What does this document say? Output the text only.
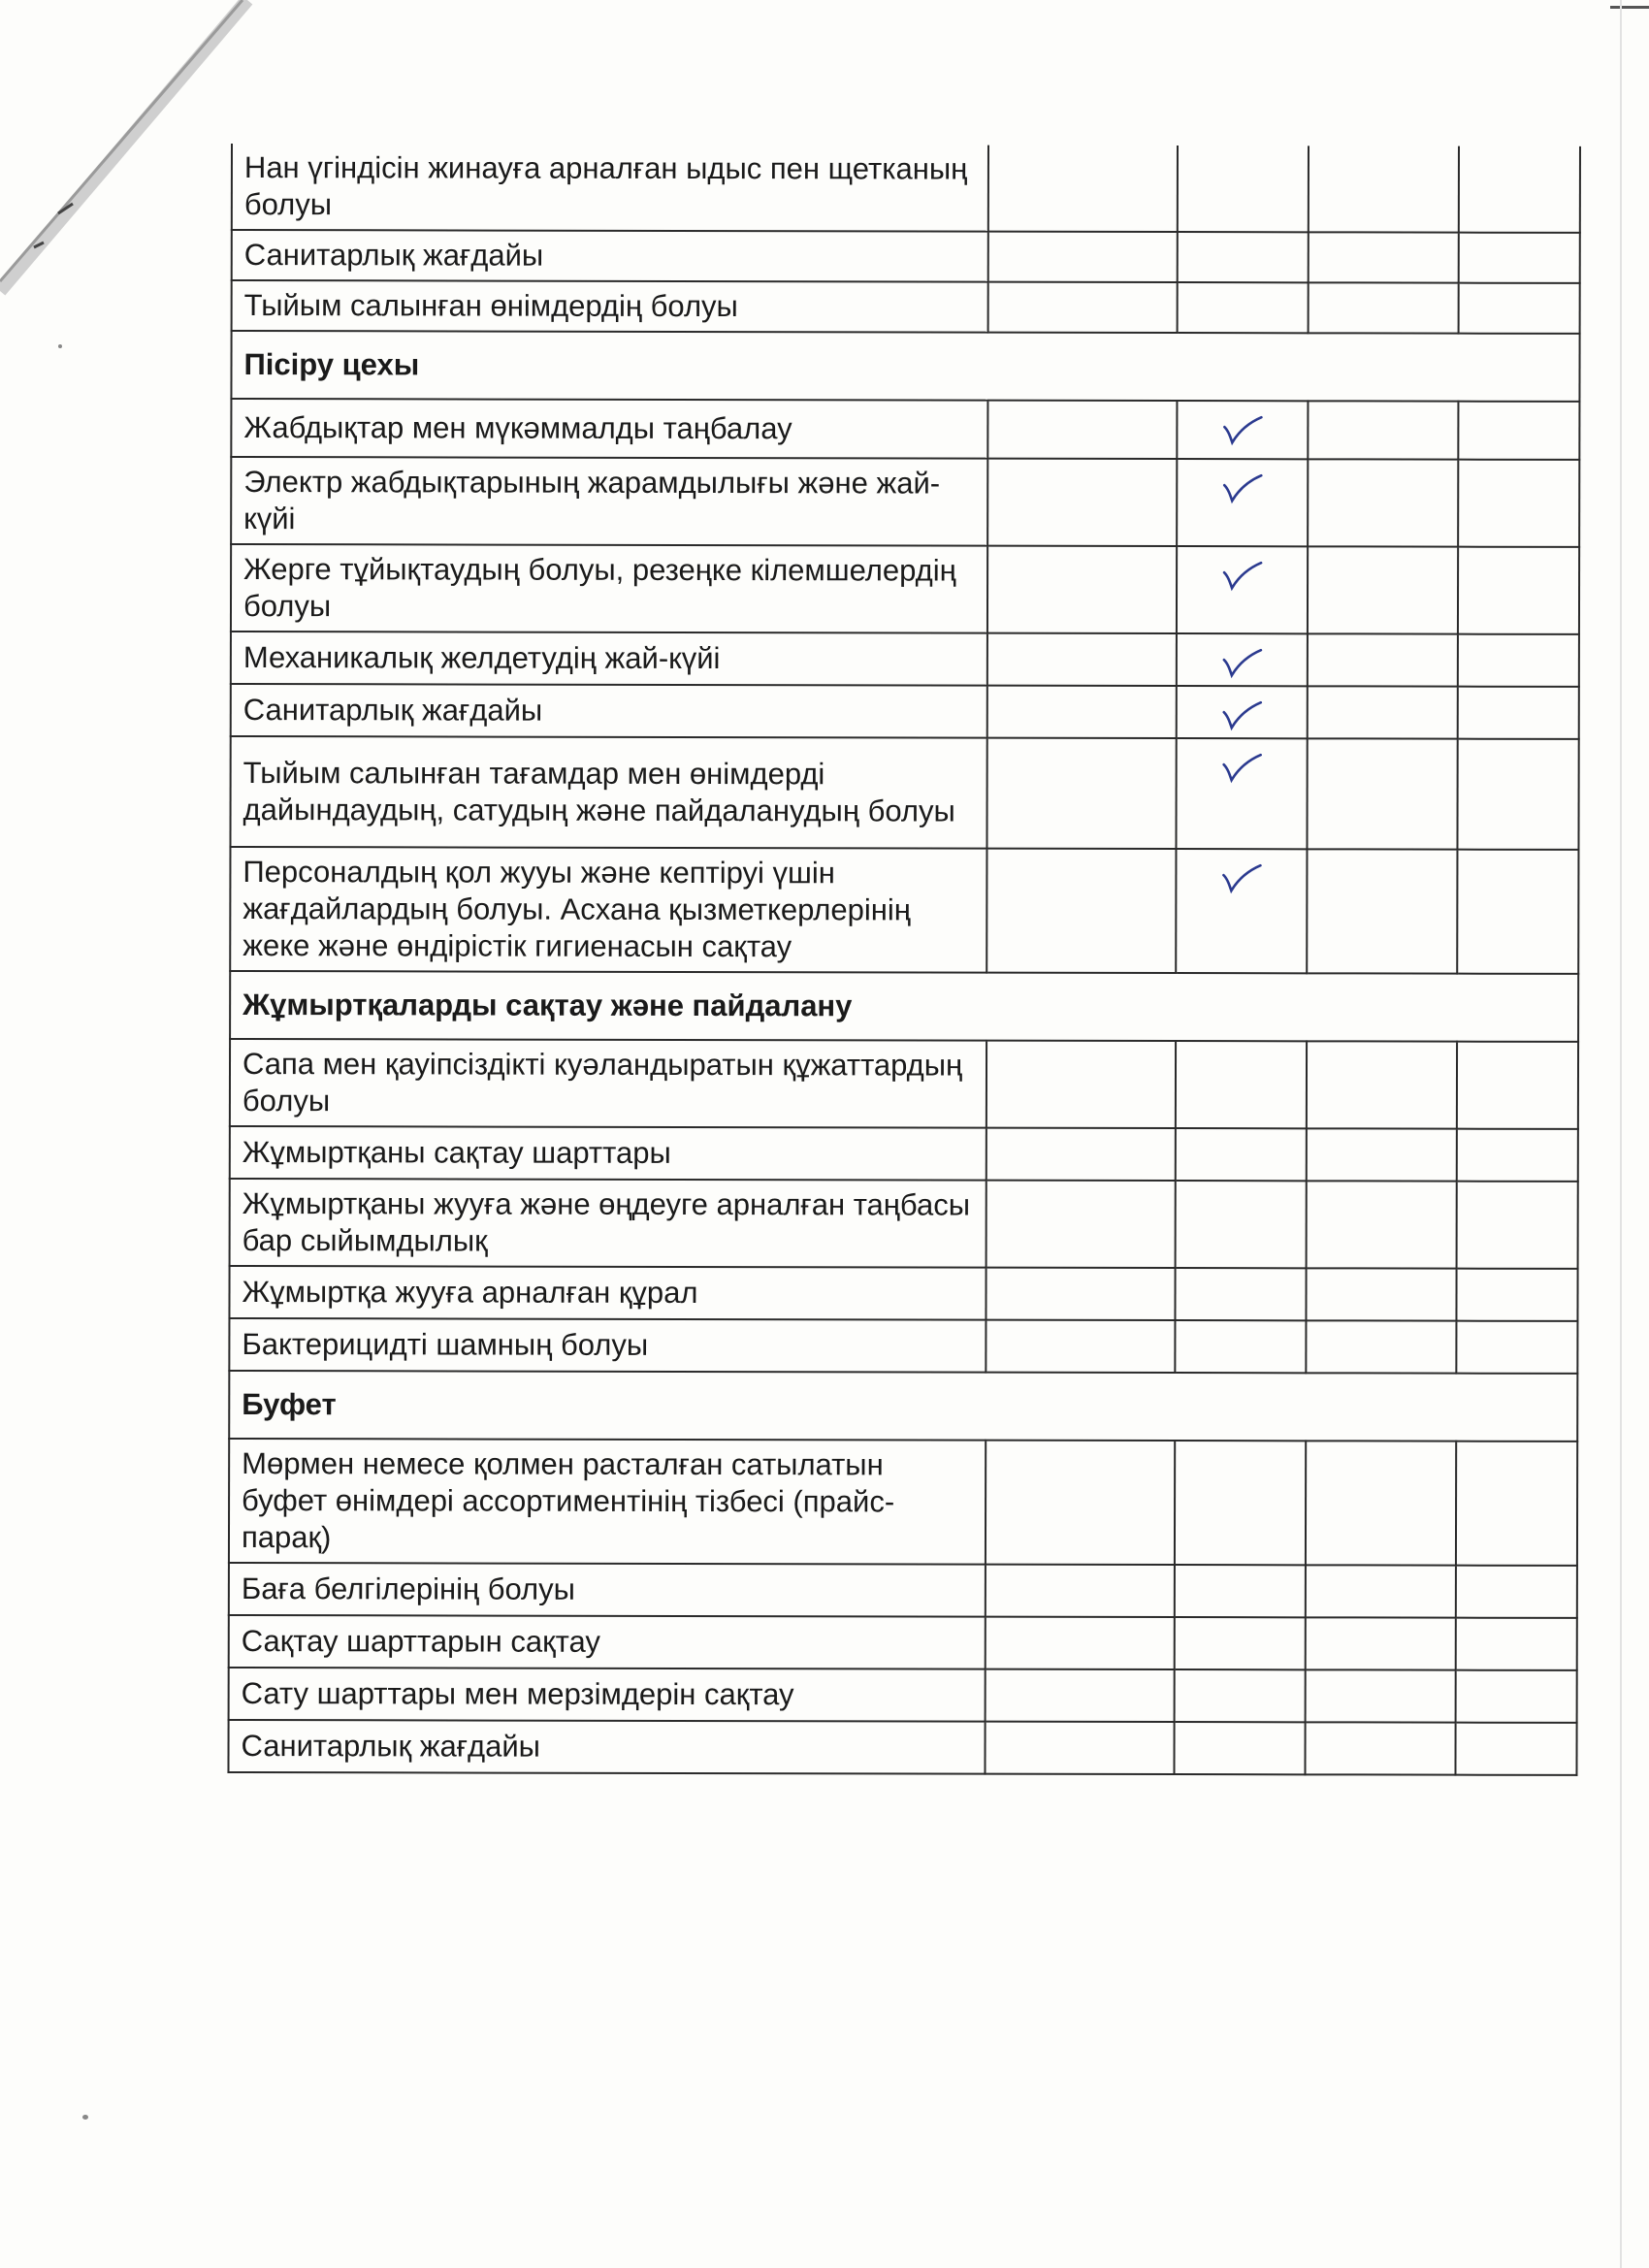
Нан үгіндісін жинауға арналған ыдыс пен щетканың болуы				
Санитарлық жағдайы				
Тыйым салынған өнімдердің болуы				
Пісіру цехы				
Жабдықтар мен мүкәммалды таңбалау		

Электр жабдықтарының жарамдылығы және жай-күйі		

Жерге тұйықтаудың болуы, резеңке кілемшелердің болуы		

Механикалық желдетудің жай-күйі		

Санитарлық жағдайы		

Тыйым салынған тағамдар мен өнімдерді дайындаудың, сатудың және пайдаланудың болуы		

Персоналдың қол жууы және кептіруі үшін жағдайлардың болуы. Асхана қызметкерлерінің жеке және өндірістік гигиенасын сақтау		

Жұмыртқаларды сақтау және пайдалану				
Сапа мен қауіпсіздікті куәландыратын құжаттардың болуы				
Жұмыртқаны сақтау шарттары				
Жұмыртқаны жууға және өңдеуге арналған таңбасы бар сыйымдылық				
Жұмыртқа жууға арналған құрал				
Бактерицидті шамның болуы				
Буфет				
Мөрмен немесе қолмен расталған сатылатын буфет өнімдері ассортиментінің тізбесі (прайс-парақ)				
Баға белгілерінің болуы				
Сақтау шарттарын сақтау				
Сату шарттары мен мерзімдерін сақтау				
Санитарлық жағдайы				
